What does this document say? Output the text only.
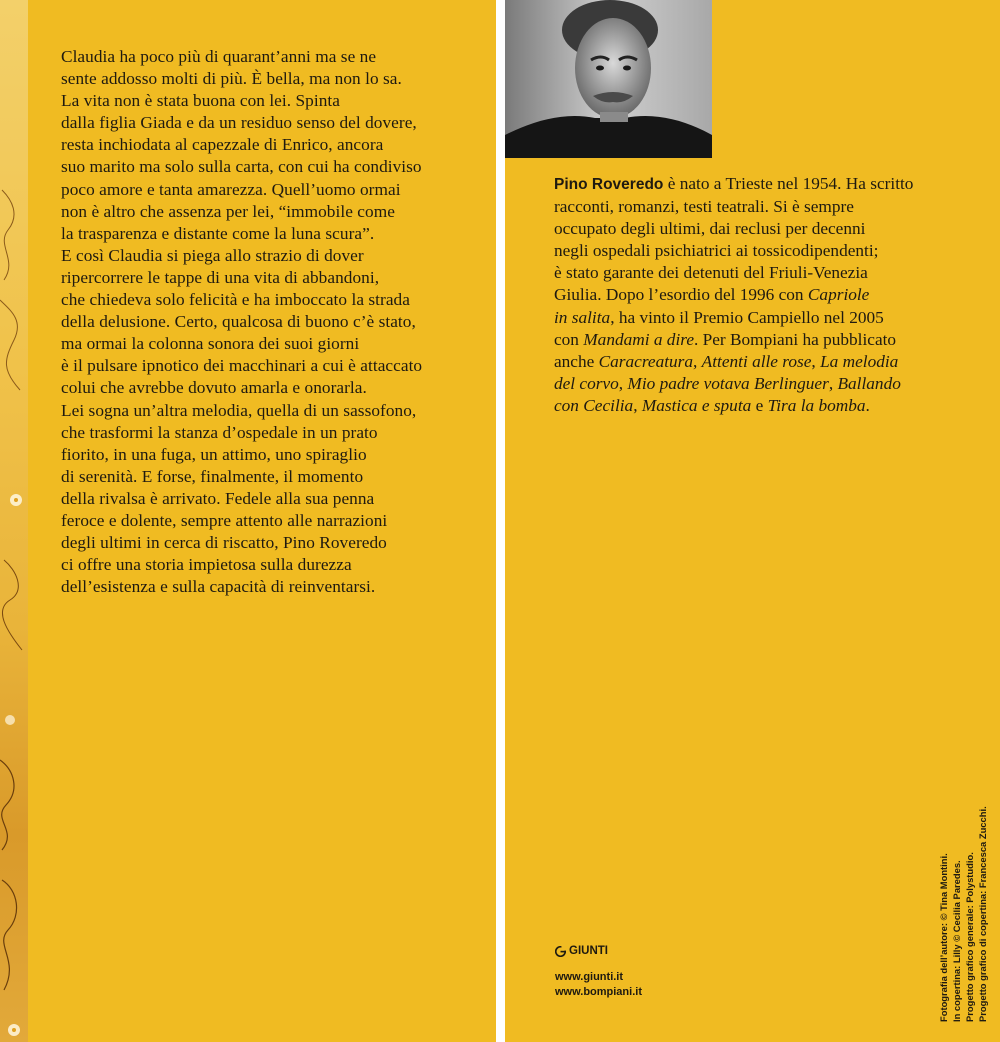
Claudia ha poco più di quarant’anni ma se ne
sente addosso molti di più. È bella, ma non lo sa.
La vita non è stata buona con lei. Spinta
dalla figlia Giada e da un residuo senso del dovere,
resta inchiodata al capezzale di Enrico, ancora
suo marito ma solo sulla carta, con cui ha condiviso
poco amore e tanta amarezza. Quell’uomo ormai
non è altro che assenza per lei, “immobile come
la trasparenza e distante come la luna scura”.
E così Claudia si piega allo strazio di dover
ripercorrere le tappe di una vita di abbandoni,
che chiedeva solo felicità e ha imboccato la strada
della delusione. Certo, qualcosa di buono c’è stato,
ma ormai la colonna sonora dei suoi giorni
è il pulsare ipnotico dei macchinari a cui è attaccato
colui che avrebbe dovuto amarla e onorarla.
Lei sogna un’altra melodia, quella di un sassofono,
che trasformi la stanza d’ospedale in un prato
fiorito, in una fuga, un attimo, uno spiraglio
di serenità. E forse, finalmente, il momento
della rivalsa è arrivato. Fedele alla sua penna
feroce e dolente, sempre attento alle narrazioni
degli ultimi in cerca di riscatto, Pino Roveredo
ci offre una storia impietosa sulla durezza
dell’esistenza e sulla capacità di reinventarsi.
Pino Roveredo è nato a Trieste nel 1954. Ha scritto
racconti, romanzi, testi teatrali. Si è sempre
occupato degli ultimi, dai reclusi per decenni
negli ospedali psichiatrici ai tossicodipendenti;
è stato garante dei detenuti del Friuli-Venezia
Giulia. Dopo l’esordio del 1996 con Capriole
in salita, ha vinto il Premio Campiello nel 2005
con Mandami a dire. Per Bompiani ha pubblicato
anche Caracreatura, Attenti alle rose, La melodia
del corvo, Mio padre votava Berlinguer, Ballando
con Cecilia, Mastica e sputa e Tira la bomba.
GIUNTI
www.giunti.it
www.bompiani.it	Fotografia dell’autore: © Tina Montini. In copertina: Lilly © Cecilia Paredes. Progetto grafico generale: Polystudio. Progetto grafico di copertina: Francesca Zucchi.
